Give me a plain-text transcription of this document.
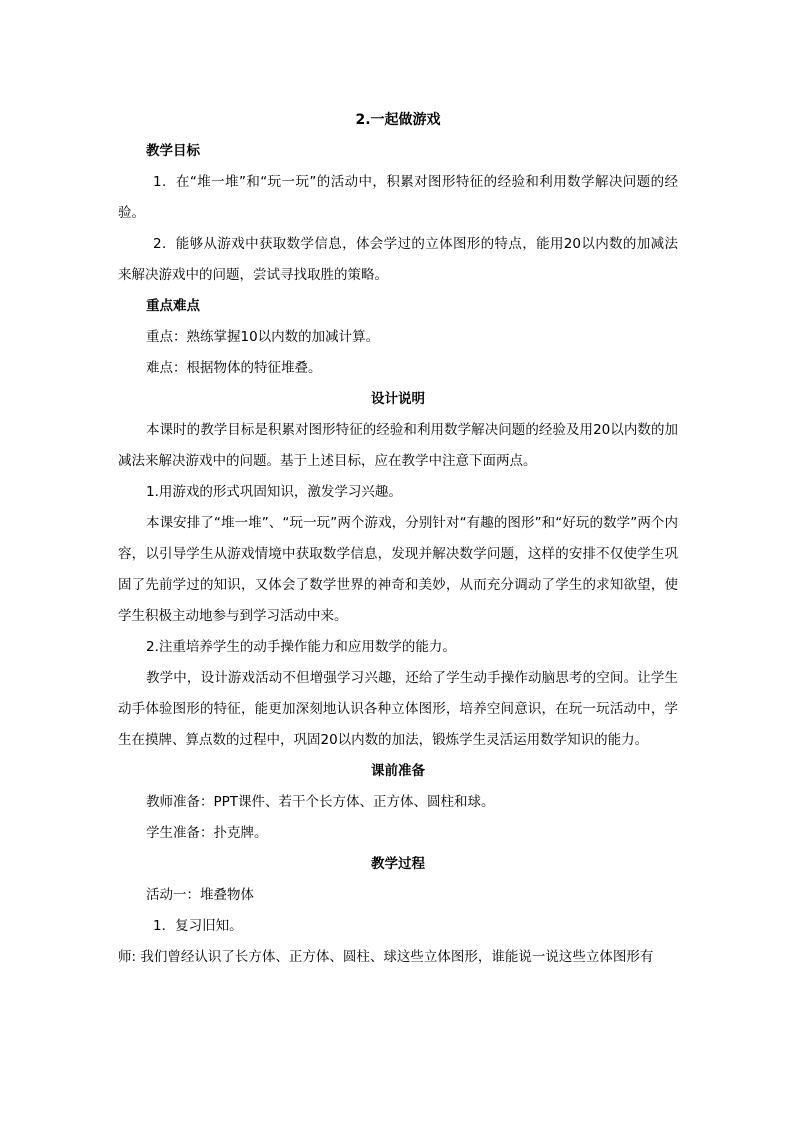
2.一起做游戏

教学目标

1．在“堆一堆”和“玩一玩”的活动中，积累对图形特征的经验和利用数学解决问题的经验。

2．能够从游戏中获取数学信息，体会学过的立体图形的特点，能用20以内数的加减法来解决游戏中的问题，尝试寻找取胜的策略。

重点难点

重点：熟练掌握10以内数的加减计算。

难点：根据物体的特征堆叠。

设计说明

本课时的教学目标是积累对图形特征的经验和利用数学解决问题的经验及用20以内数的加减法来解决游戏中的问题。基于上述目标，应在教学中注意下面两点。

1.用游戏的形式巩固知识，激发学习兴趣。

本课安排了“堆一堆”、“玩一玩”两个游戏，分别针对“有趣的图形”和“好玩的数学”两个内容，以引导学生从游戏情境中获取数学信息，发现并解决数学问题，这样的安排不仅使学生巩固了先前学过的知识，又体会了数学世界的神奇和美妙，从而充分调动了学生的求知欲望，使学生积极主动地参与到学习活动中来。

2.注重培养学生的动手操作能力和应用数学的能力。

教学中，设计游戏活动不但增强学习兴趣，还给了学生动手操作动脑思考的空间。让学生动手体验图形的特征，能更加深刻地认识各种立体图形，培养空间意识，在玩一玩活动中，学生在摸牌、算点数的过程中，巩固20以内数的加法，锻炼学生灵活运用数学知识的能力。

课前准备

教师准备：PPT课件、若干个长方体、正方体、圆柱和球。

学生准备：扑克牌。

教学过程

活动一：堆叠物体

1．复习旧知。

师: 我们曾经认识了长方体、正方体、圆柱、球这些立体图形，谁能说一说这些立体图形有
